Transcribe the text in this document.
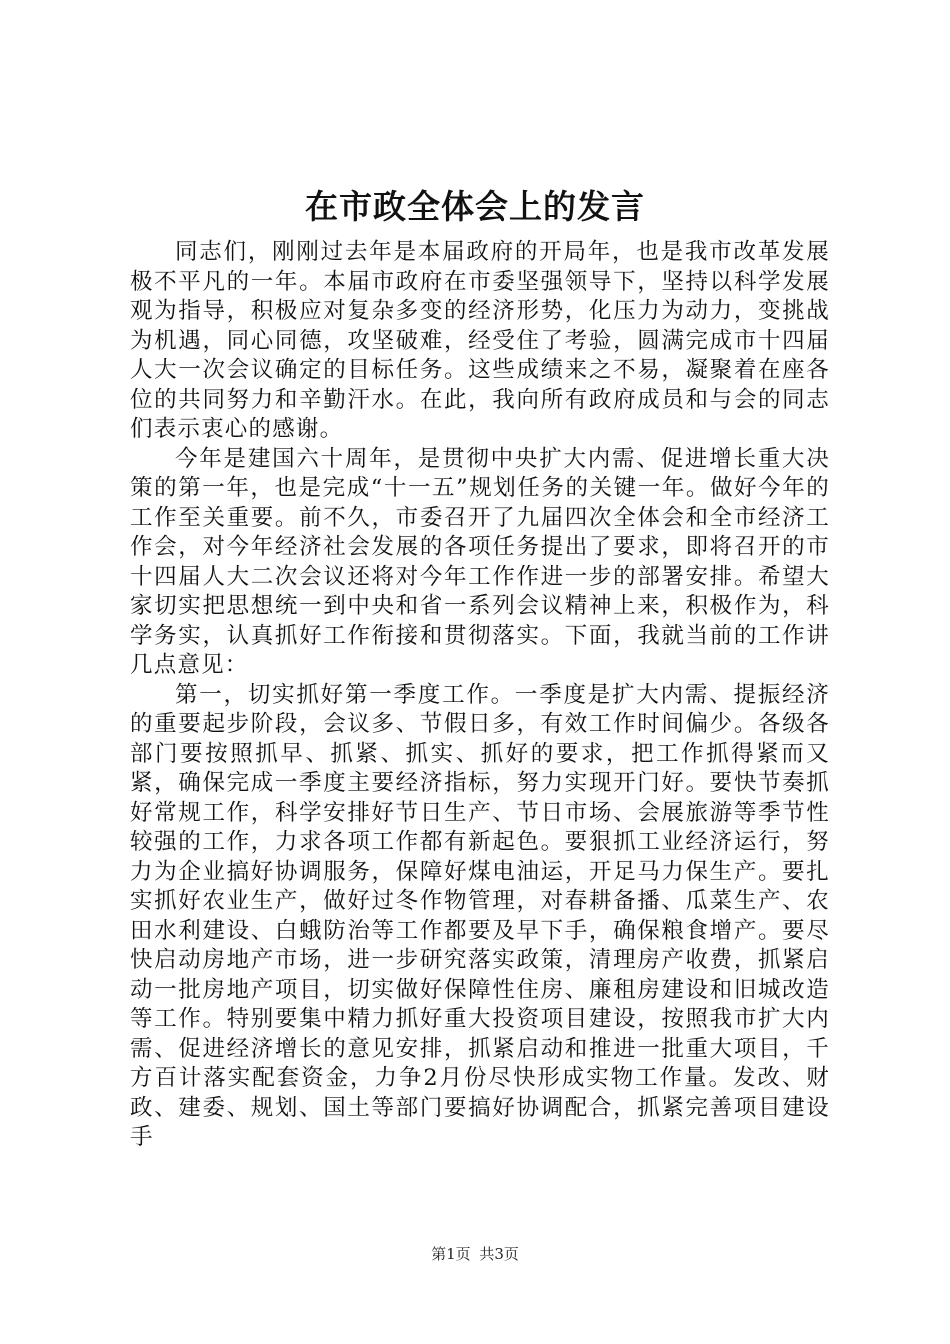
在市政全体会上的发言

同志们，刚刚过去年是本届政府的开局年，也是我市改革发展极不平凡的一年。本届市政府在市委坚强领导下，坚持以科学发展观为指导，积极应对复杂多变的经济形势，化压力为动力，变挑战为机遇，同心同德，攻坚破难，经受住了考验，圆满完成市十四届人大一次会议确定的目标任务。这些成绩来之不易，凝聚着在座各位的共同努力和辛勤汗水。在此，我向所有政府成员和与会的同志们表示衷心的感谢。

今年是建国六十周年，是贯彻中央扩大内需、促进增长重大决策的第一年，也是完成“十一五”规划任务的关键一年。做好今年的工作至关重要。前不久，市委召开了九届四次全体会和全市经济工作会，对今年经济社会发展的各项任务提出了要求，即将召开的市十四届人大二次会议还将对今年工作作进一步的部署安排。希望大家切实把思想统一到中央和省一系列会议精神上来，积极作为，科学务实，认真抓好工作衔接和贯彻落实。下面，我就当前的工作讲几点意见：

第一，切实抓好第一季度工作。一季度是扩大内需、提振经济的重要起步阶段，会议多、节假日多，有效工作时间偏少。各级各部门要按照抓早、抓紧、抓实、抓好的要求，把工作抓得紧而又紧，确保完成一季度主要经济指标，努力实现开门好。要快节奏抓好常规工作，科学安排好节日生产、节日市场、会展旅游等季节性较强的工作，力求各项工作都有新起色。要狠抓工业经济运行，努力为企业搞好协调服务，保障好煤电油运，开足马力保生产。要扎实抓好农业生产，做好过冬作物管理，对春耕备播、瓜菜生产、农田水利建设、白蛾防治等工作都要及早下手，确保粮食增产。要尽快启动房地产市场，进一步研究落实政策，清理房产收费，抓紧启动一批房地产项目，切实做好保障性住房、廉租房建设和旧城改造等工作。特别要集中精力抓好重大投资项目建设，按照我市扩大内需、促进经济增长的意见安排，抓紧启动和推进一批重大项目，千方百计落实配套资金，力争2月份尽快形成实物工作量。发改、财政、建委、规划、国土等部门要搞好协调配合，抓紧完善项目建设手

第1页 共3页
